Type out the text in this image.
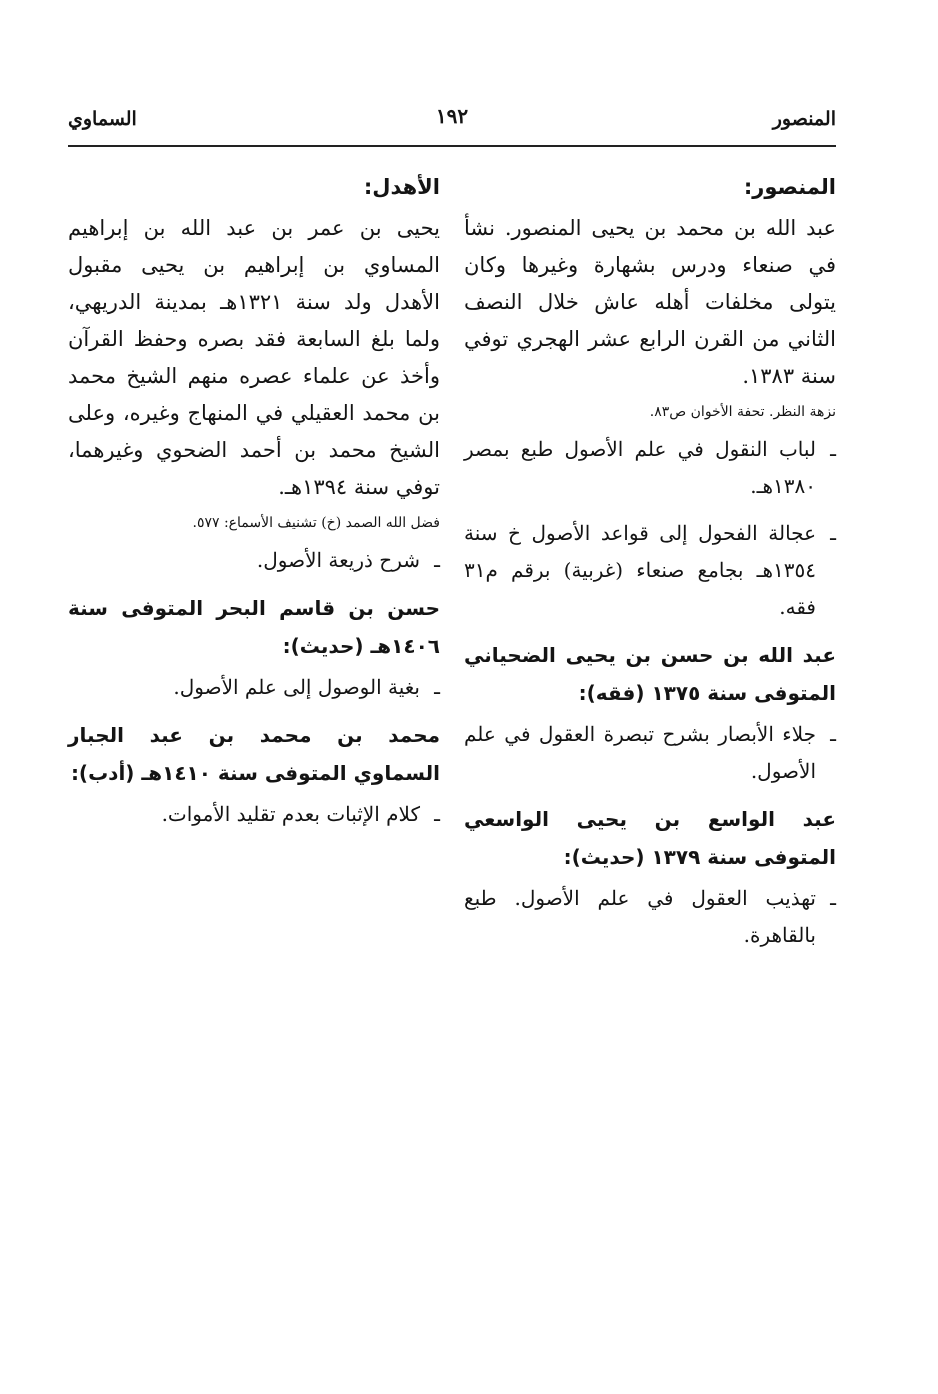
المنصور
١٩٢
السماوي
المنصور:

عبد الله بن محمد بن يحيى المنصور. نشأ في صنعاء ودرس بشهارة وغيرها وكان يتولى مخلفات أهله عاش خلال النصف الثاني من القرن الرابع عشر الهجري توفي سنة ١٣٨٣.

نزهة النظر. تحفة الأخوان ص٨٣.
ـلباب النقول في علم الأصول طبع بمصر ١٣٨٠هـ.
ـعجالة الفحول إلى قواعد الأصول خ سنة ١٣٥٤هـ بجامع صنعاء (غربية) برقم م٣١ فقه.
عبد الله بن حسن بن يحيى الضحياني المتوفى سنة ١٣٧٥ (فقه):
ـجلاء الأبصار بشرح تبصرة العقول في علم الأصول.
عبد الواسع بن يحيى الواسعي المتوفى سنة ١٣٧٩ (حديث):
ـتهذيب العقول في علم الأصول. طبع بالقاهرة.
الأهدل:

يحيى بن عمر بن عبد الله بن إبراهيم المساوي بن إبراهيم بن يحيى مقبول الأهدل ولد سنة ١٣٢١هـ بمدينة الدريهي، ولما بلغ السابعة فقد بصره وحفظ القرآن وأخذ عن علماء عصره منهم الشيخ محمد بن محمد العقيلي في المنهاج وغيره، وعلى الشيخ محمد بن أحمد الضحوي وغيرهما، توفي سنة ١٣٩٤هـ.

فضل الله الصمد (خ) تشنيف الأسماع: ٥٧٧.
ـشرح ذريعة الأصول.
حسن بن قاسم البحر المتوفى سنة ١٤٠٦هـ (حديث):
ـبغية الوصول إلى علم الأصول.
محمد بن محمد بن عبد الجبار السماوي المتوفى سنة ١٤١٠هـ (أدب):
ـكلام الإثبات بعدم تقليد الأموات.
